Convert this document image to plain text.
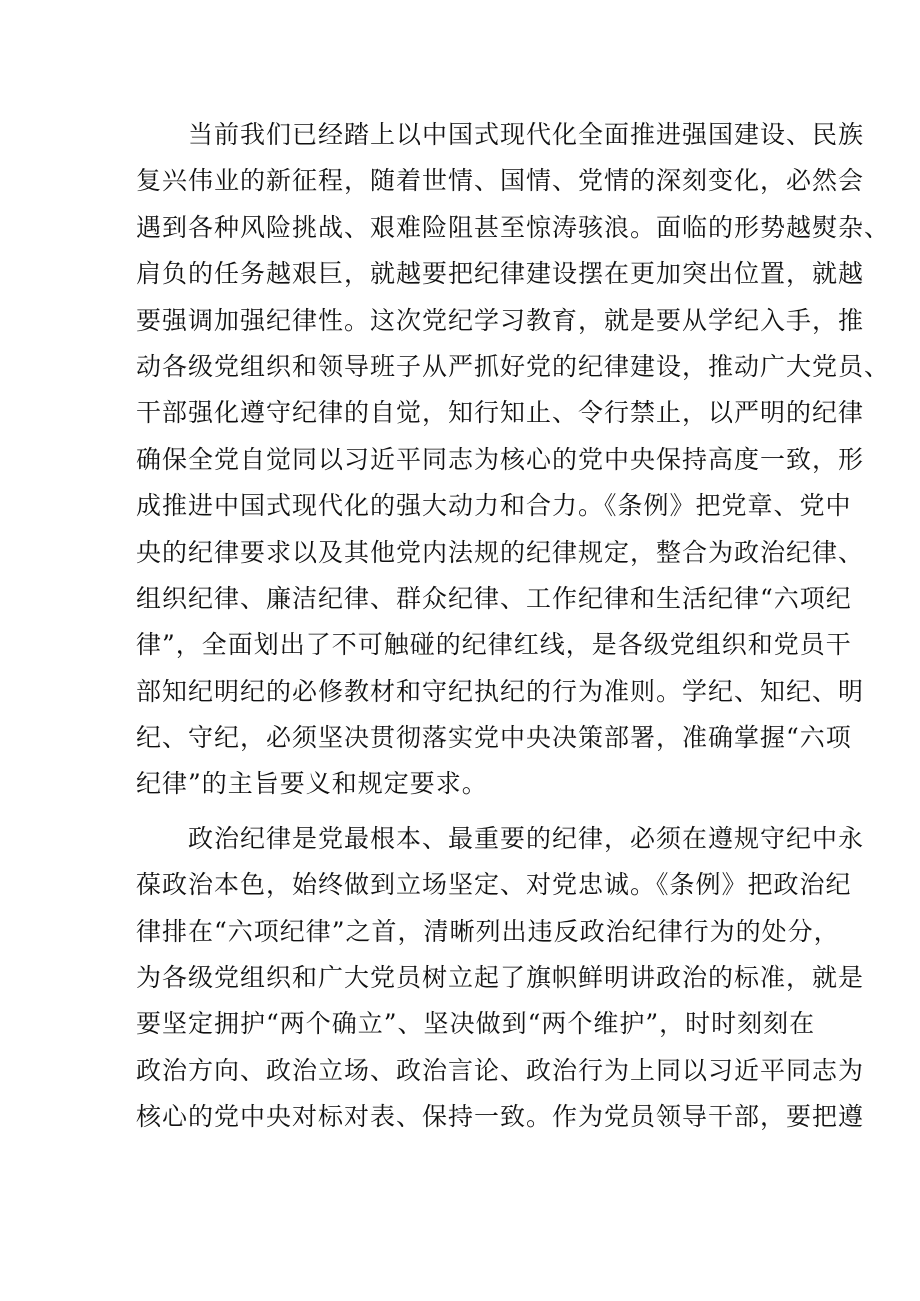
　　当前我们已经踏上以中国式现代化全面推进强国建设、民族
复兴伟业的新征程，随着世情、国情、党情的深刻变化，必然会
遇到各种风险挑战、艰难险阻甚至惊涛骇浪。面临的形势越熨杂、
肩负的任务越艰巨，就越要把纪律建设摆在更加突出位置，就越
要强调加强纪律性。这次党纪学习教育，就是要从学纪入手，推
动各级党组织和领导班子从严抓好党的纪律建设，推动广大党员、
干部强化遵守纪律的自觉，知行知止、令行禁止，以严明的纪律
确保全党自觉同以习近平同志为核心的党中央保持高度一致，形
成推进中国式现代化的强大动力和合力。《条例》把党章、党中
央的纪律要求以及其他党内法规的纪律规定，整合为政治纪律、
组织纪律、廉洁纪律、群众纪律、工作纪律和生活纪律“六项纪
律”，全面划出了不可触碰的纪律红线，是各级党组织和党员干
部知纪明纪的必修教材和守纪执纪的行为准则。学纪、知纪、明
纪、守纪，必须坚决贯彻落实党中央决策部署，准确掌握“六项
纪律”的主旨要义和规定要求。
　　政治纪律是党最根本、最重要的纪律，必须在遵规守纪中永
葆政治本色，始终做到立场坚定、对党忠诚。《条例》把政治纪
律排在“六项纪律”之首，清晰列出违反政治纪律行为的处分，
为各级党组织和广大党员树立起了旗帜鲜明讲政治的标准，就是
要坚定拥护“两个确立”、坚决做到“两个维护”，时时刻刻在
政治方向、政治立场、政治言论、政治行为上同以习近平同志为
核心的党中央对标对表、保持一致。作为党员领导干部，要把遵
